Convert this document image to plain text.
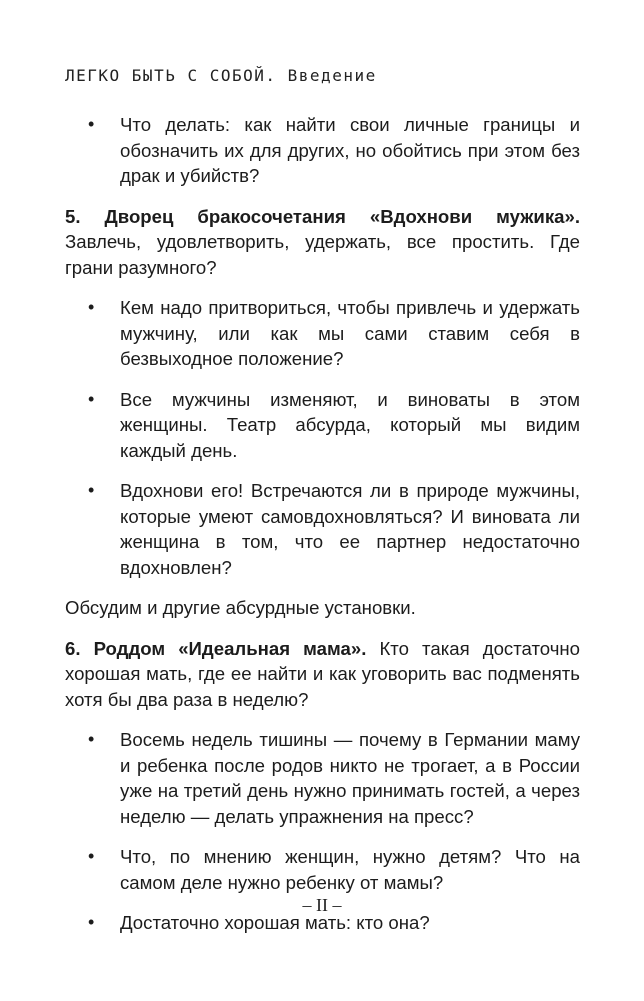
ЛЕГКО БЫТЬ С СОБОЙ. Введение
• Что делать: как найти свои личные границы и обозначить их для других, но обойтись при этом без драк и убийств?

5. Дворец бракосочетания «Вдохнови мужика». Завлечь, удовлетворить, удержать, все простить. Где грани разумного?

• Кем надо притвориться, чтобы привлечь и удержать мужчину, или как мы сами ставим себя в безвыходное положение?
• Все мужчины изменяют, и виноваты в этом женщины. Театр абсурда, который мы видим каждый день.
• Вдохнови его! Встречаются ли в природе мужчины, которые умеют самовдохновляться? И виновата ли женщина в том, что ее партнер недостаточно вдохновлен?

Обсудим и другие абсурдные установки.

6. Роддом «Идеальная мама». Кто такая достаточно хорошая мать, где ее найти и как уговорить вас подменять хотя бы два раза в неделю?

• Восемь недель тишины — почему в Германии маму и ребенка после родов никто не трогает, а в России уже на третий день нужно принимать гостей, а через неделю — делать упражнения на пресс?
• Что, по мнению женщин, нужно детям? Что на самом деле нужно ребенку от мамы?
• Достаточно хорошая мать: кто она?
– II –
